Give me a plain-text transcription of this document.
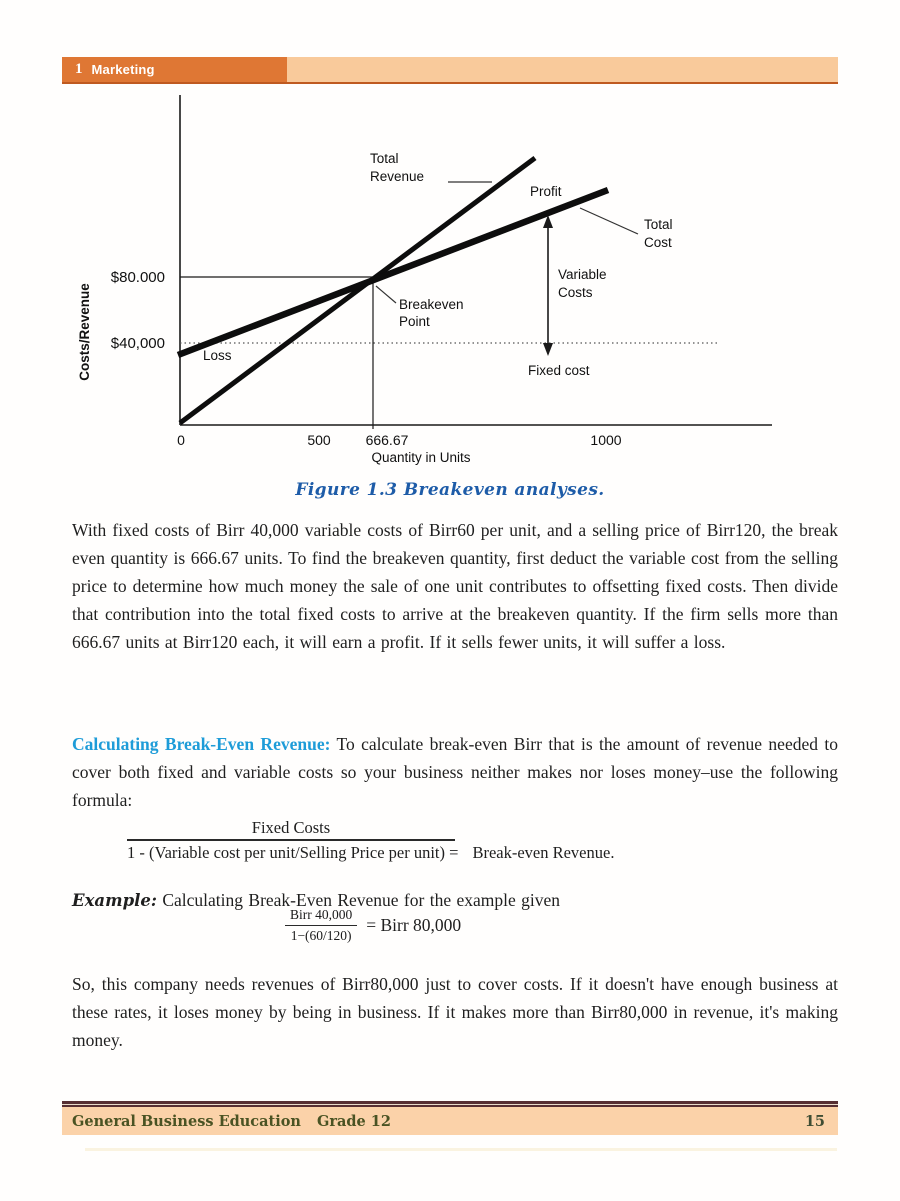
1 Marketing
Total
Revenue
Profit
Total
Cost
Variable
Costs
Fixed cost
Breakeven
Point
Loss
$80.000
$40,000
0	500 666.67	1000
Quantity in Units
Costs/Revenue
Figure 1.3 Breakeven analyses.
With fixed costs of Birr 40,000 variable costs of Birr60 per unit, and a selling price of Birr120, the break even quantity is 666.67 units. To find the breakeven quantity, first deduct the variable cost from the selling price to determine how much money the sale of one unit contributes to offsetting fixed costs. Then divide that contribution into the total fixed costs to arrive at the breakeven quantity. If the firm sells more than 666.67 units at Birr120 each, it will earn a profit. If it sells fewer units, it will suffer a loss.
Calculating Break-Even Revenue: To calculate break-even Birr that is the amount of revenue needed to cover both fixed and variable costs so your business neither makes nor loses money–use the following formula:
Fixed Costs
1 - (Variable cost per unit/Selling Price per unit) = Break-even Revenue.
Example: Calculating Break-Even Revenue for the example given
$\frac{\text{Birr 40,000}}{1-(60/120)}$ = Birr 80,000
So, this company needs revenues of Birr80,000 just to cover costs. If it doesn't have enough business at these rates, it loses money by being in business. If it makes more than Birr80,000 in revenue, it's making money.
General Business Education Grade 12	15
